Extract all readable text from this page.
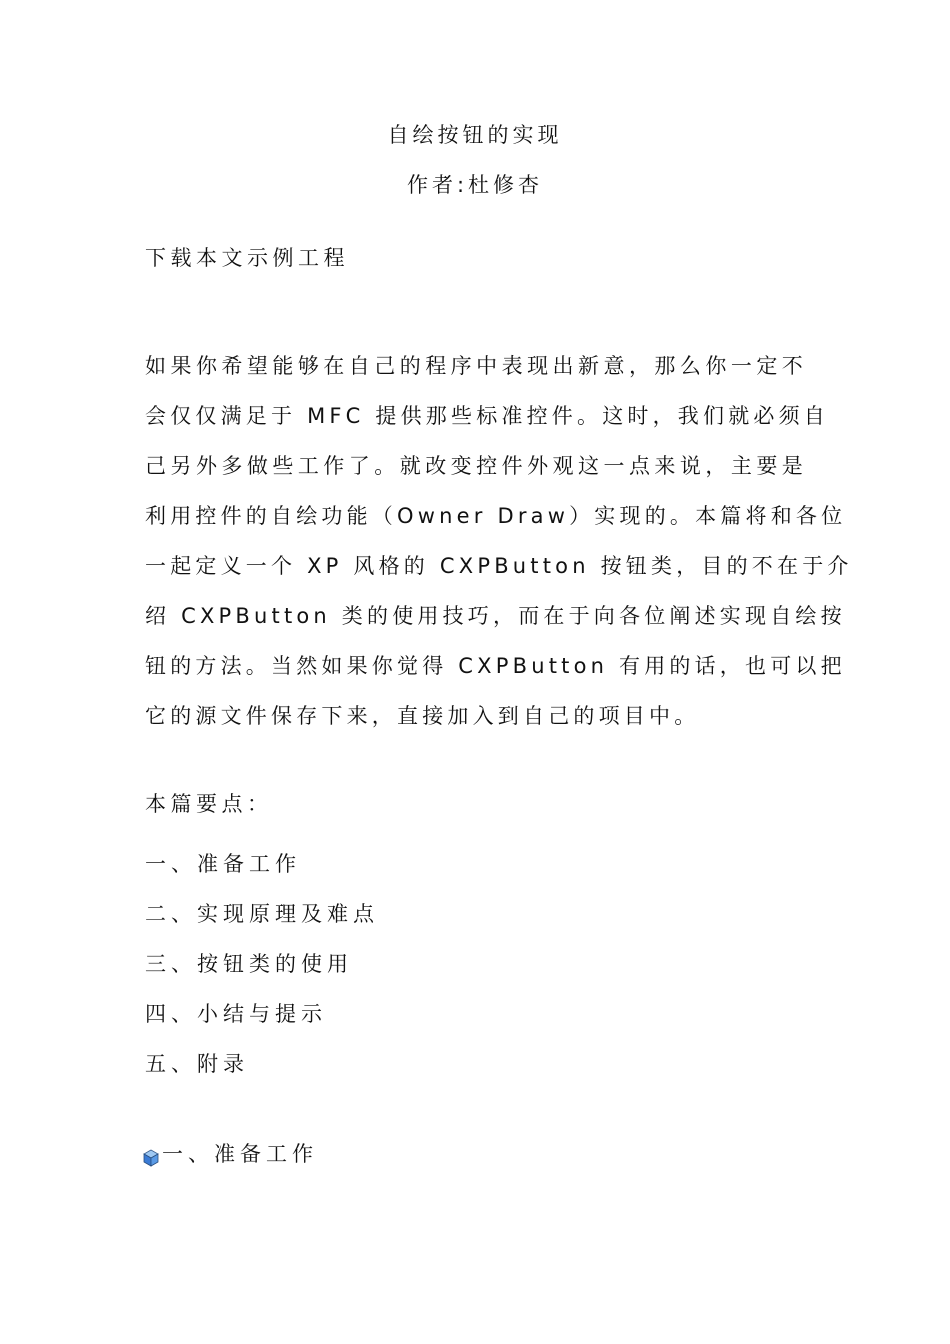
自绘按钮的实现
作者:杜修杏
下载本文示例工程
如果你希望能够在自己的程序中表现出新意，那么你一定不
会仅仅满足于 MFC 提供那些标准控件。这时，我们就必须自
己另外多做些工作了。就改变控件外观这一点来说，主要是
利用控件的自绘功能（Owner Draw）实现的。本篇将和各位
一起定义一个 XP 风格的 CXPButton 按钮类，目的不在于介
绍 CXPButton 类的使用技巧，而在于向各位阐述实现自绘按
钮的方法。当然如果你觉得 CXPButton 有用的话，也可以把
它的源文件保存下来，直接加入到自己的项目中。
本篇要点：
一、准备工作
二、实现原理及难点
三、按钮类的使用
四、小结与提示
五、附录
一、准备工作
